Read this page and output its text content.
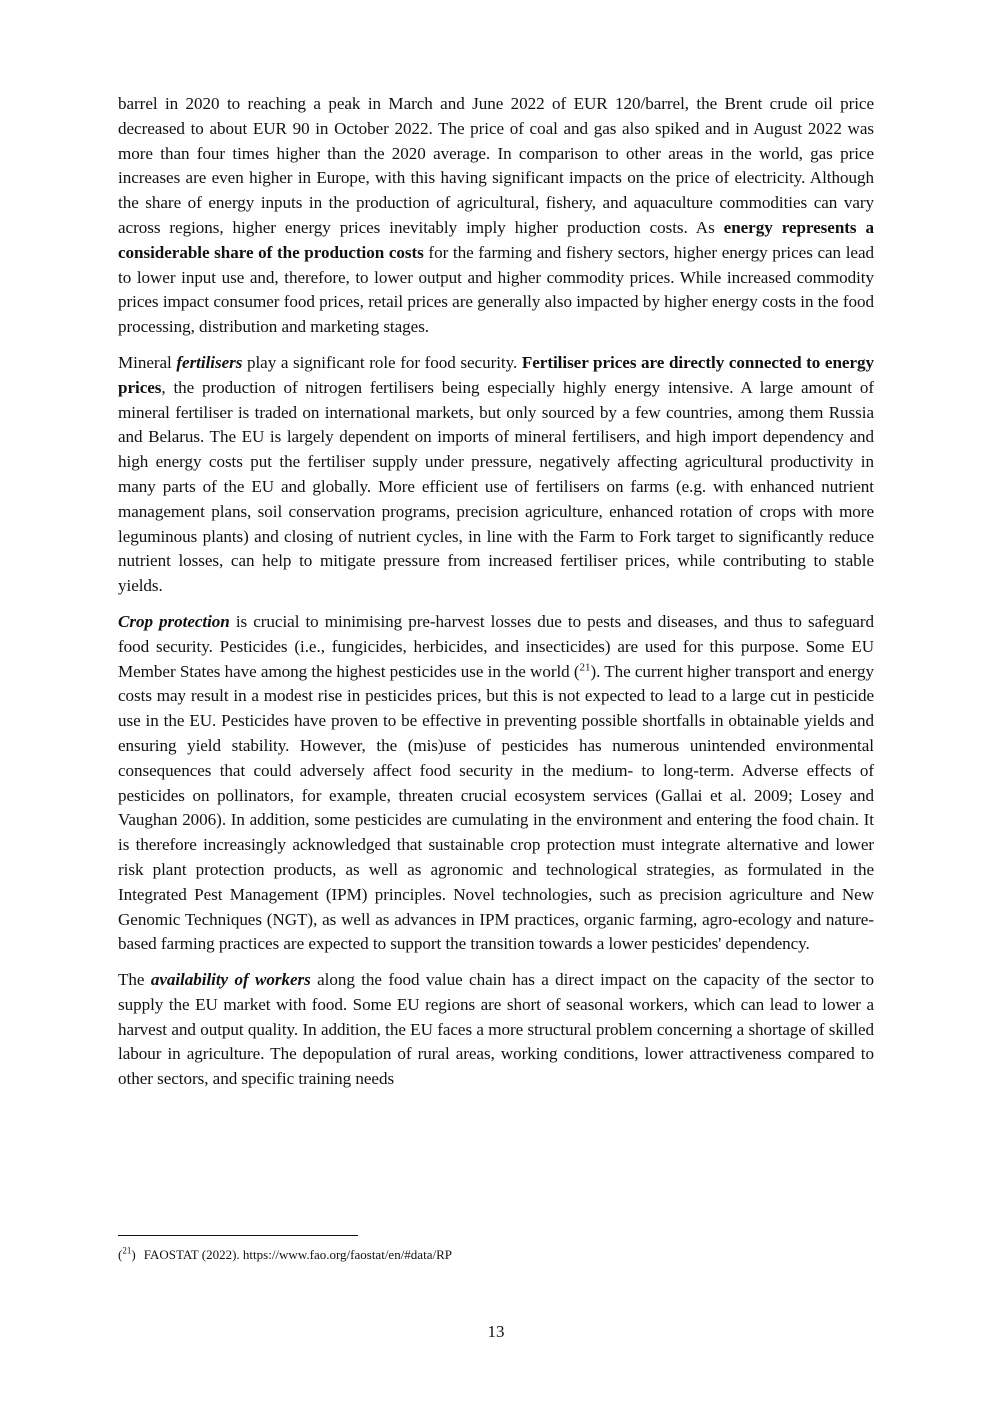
barrel in 2020 to reaching a peak in March and June 2022 of EUR 120/barrel, the Brent crude oil price decreased to about EUR 90 in October 2022. The price of coal and gas also spiked and in August 2022 was more than four times higher than the 2020 average. In comparison to other areas in the world, gas price increases are even higher in Europe, with this having significant impacts on the price of electricity. Although the share of energy inputs in the production of agricultural, fishery, and aquaculture commodities can vary across regions, higher energy prices inevitably imply higher production costs. As energy represents a considerable share of the production costs for the farming and fishery sectors, higher energy prices can lead to lower input use and, therefore, to lower output and higher commodity prices. While increased commodity prices impact consumer food prices, retail prices are generally also impacted by higher energy costs in the food processing, distribution and marketing stages.

Mineral fertilisers play a significant role for food security. Fertiliser prices are directly connected to energy prices, the production of nitrogen fertilisers being especially highly energy intensive. A large amount of mineral fertiliser is traded on international markets, but only sourced by a few countries, among them Russia and Belarus. The EU is largely dependent on imports of mineral fertilisers, and high import dependency and high energy costs put the fertiliser supply under pressure, negatively affecting agricultural productivity in many parts of the EU and globally. More efficient use of fertilisers on farms (e.g. with enhanced nutrient management plans, soil conservation programs, precision agriculture, enhanced rotation of crops with more leguminous plants) and closing of nutrient cycles, in line with the Farm to Fork target to significantly reduce nutrient losses, can help to mitigate pressure from increased fertiliser prices, while contributing to stable yields.

Crop protection is crucial to minimising pre-harvest losses due to pests and diseases, and thus to safeguard food security. Pesticides (i.e., fungicides, herbicides, and insecticides) are used for this purpose. Some EU Member States have among the highest pesticides use in the world ($^{21}$). The current higher transport and energy costs may result in a modest rise in pesticides prices, but this is not expected to lead to a large cut in pesticide use in the EU. Pesticides have proven to be effective in preventing possible shortfalls in obtainable yields and ensuring yield stability. However, the (mis)use of pesticides has numerous unintended environmental consequences that could adversely affect food security in the medium- to long-term. Adverse effects of pesticides on pollinators, for example, threaten crucial ecosystem services (Gallai et al. 2009; Losey and Vaughan 2006). In addition, some pesticides are cumulating in the environment and entering the food chain. It is therefore increasingly acknowledged that sustainable crop protection must integrate alternative and lower risk plant protection products, as well as agronomic and technological strategies, as formulated in the Integrated Pest Management (IPM) principles. Novel technologies, such as precision agriculture and New Genomic Techniques (NGT), as well as advances in IPM practices, organic farming, agro-ecology and nature-based farming practices are expected to support the transition towards a lower pesticides' dependency.

The availability of workers along the food value chain has a direct impact on the capacity of the sector to supply the EU market with food. Some EU regions are short of seasonal workers, which can lead to lower a harvest and output quality. In addition, the EU faces a more structural problem concerning a shortage of skilled labour in agriculture. The depopulation of rural areas, working conditions, lower attractiveness compared to other sectors, and specific training needs

($^{21}$) FAOSTAT (2022). https://www.fao.org/faostat/en/#data/RP
13
